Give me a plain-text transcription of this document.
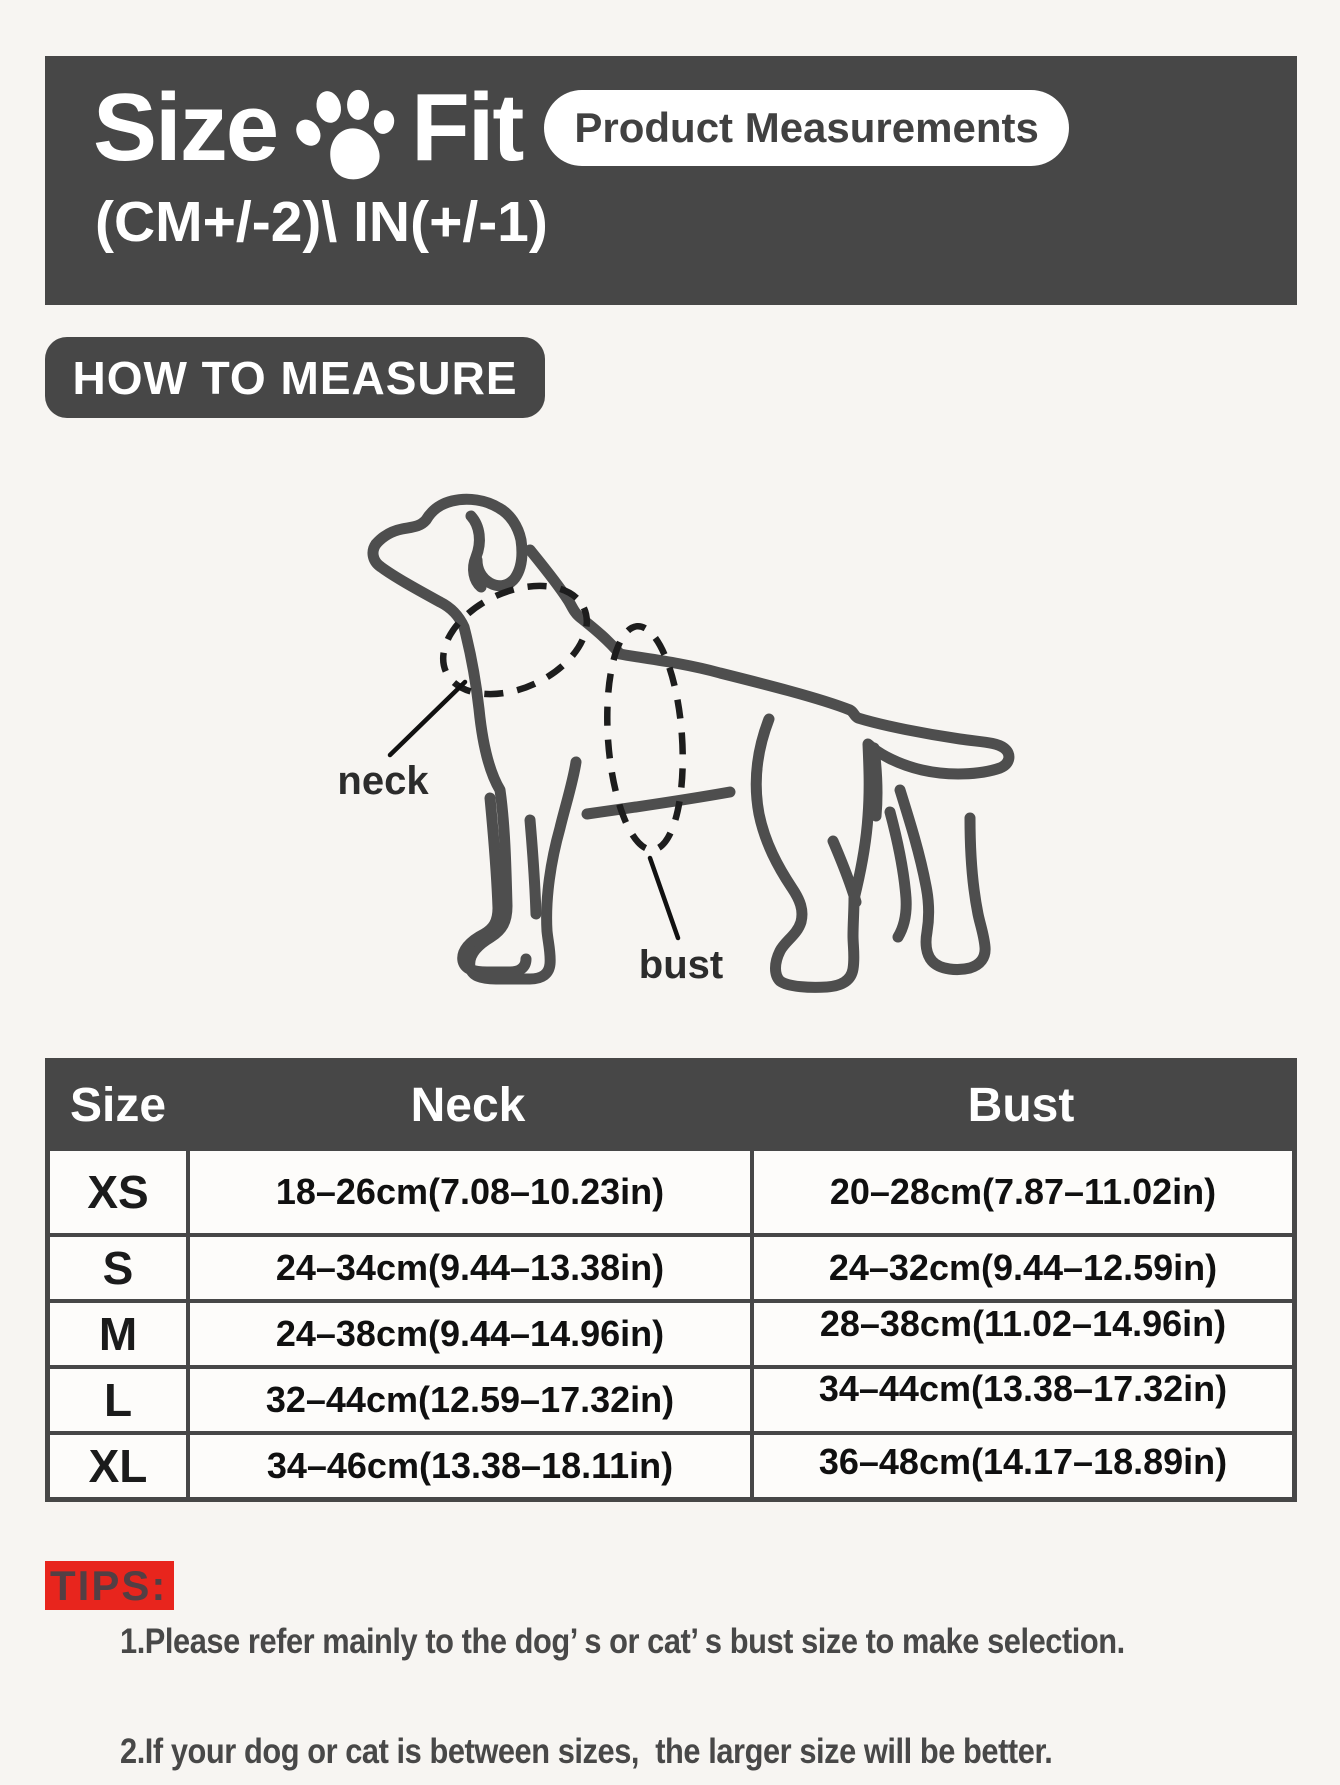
Size Fit	Product Measurements
(CM+/-2)\ IN(+/-1)
HOW TO MEASURE
neck
bust
Size	Neck	Bust
XS	18–26cm(7.08–10.23in)	20–28cm(7.87–11.02in)
S	24–34cm(9.44–13.38in)	24–32cm(9.44–12.59in)
M	24–38cm(9.44–14.96in)	28–38cm(11.02–14.96in)
L	32–44cm(12.59–17.32in)	34–44cm(13.38–17.32in)
XL	34–46cm(13.38–18.11in)	36–48cm(14.17–18.89in)
TIPS:
1.Please refer mainly to the dog’ s or cat’ s bust size to make selection.
2.If your dog or cat is between sizes,  the larger size will be better.
